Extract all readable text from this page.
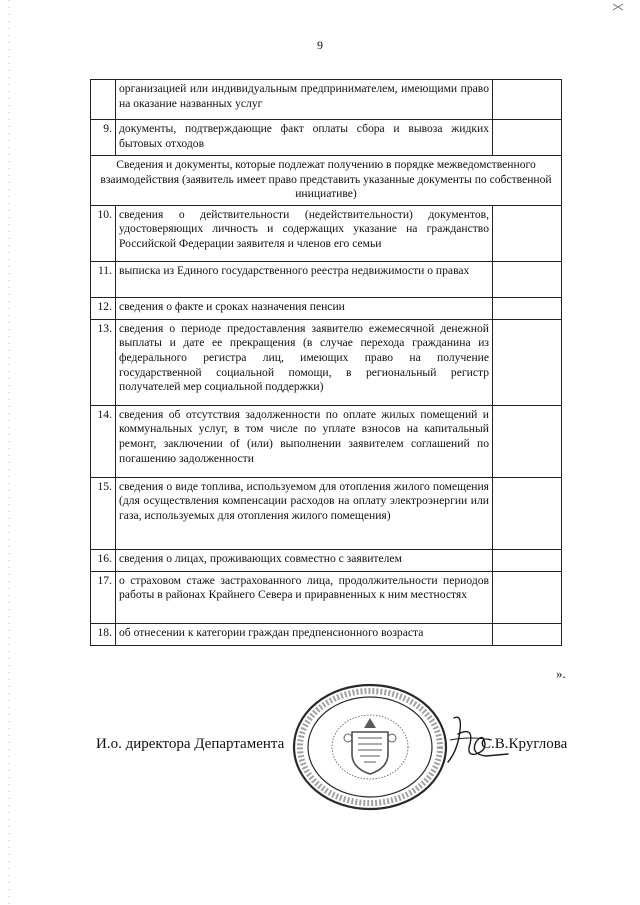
9
	организацией или индивидуальным предпринимателем, имеющими право на оказание названных услуг	
9.	документы, подтверждающие факт оплаты сбора и вывоза жидких бытовых отходов	
Сведения и документы, которые подлежат получению в порядке межведомственного взаимодействия (заявитель имеет право представить указанные документы по собственной инициативе)		
10.	сведения о действительности (недействительности) документов, удостоверяющих личность и содержащих указание на гражданство Российской Федерации заявителя и членов его семьи	
11.	выписка из Единого государственного реестра недвижимости о правах	
12.	сведения о факте и сроках назначения пенсии	
13.	сведения о периоде предоставления заявителю ежемесячной денежной выплаты и дате ее прекращения (в случае перехода гражданина из федерального регистра лиц, имеющих право на получение государственной социальной помощи, в региональный регистр получателей мер социальной поддержки)	
14.	сведения об отсутствия задолженности по оплате жилых помещений и коммунальных услуг, в том числе по уплате взносов на капитальный ремонт, заключении of (или) выполнении заявителем соглашений по погашению задолженности	
15.	сведения о виде топлива, используемом для отопления жилого помещения (для осуществления компенсации расходов на оплату электроэнергии или газа, используемых для отопления жилого помещения)	
16.	сведения о лицах, проживающих совместно с заявителем	
17.	о страховом стаже застрахованного лица, продолжительности периодов работы в районах Крайнего Севера и приравненных к ним местностях	
18.	об отнесении к категории граждан предпенсионного возраста	
».
И.о. директора Департамента	С.В.Круглова
